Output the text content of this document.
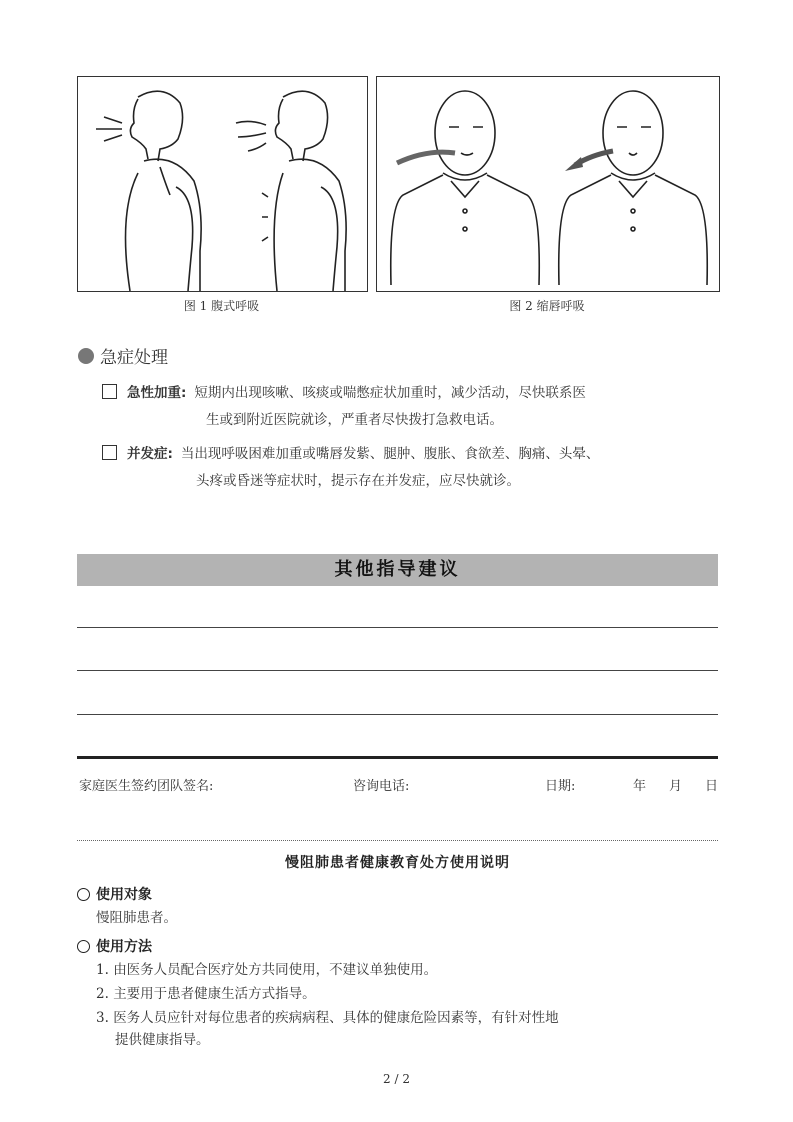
图 1 腹式呼吸	图 2 缩唇呼吸
急症处理
急性加重: 短期内出现咳嗽、咳痰或喘憋症状加重时，减少活动，尽快联系医
生或到附近医院就诊，严重者尽快拨打急救电话。
并发症: 当出现呼吸困难加重或嘴唇发紫、腿肿、腹胀、食欲差、胸痛、头晕、
头疼或昏迷等症状时，提示存在并发症，应尽快就诊。
其他指导建议
家庭医生签约团队签名:	咨询电话:	日期:	年 月 日
慢阻肺患者健康教育处方使用说明
使用对象
慢阻肺患者。
使用方法
1. 由医务人员配合医疗处方共同使用，不建议单独使用。
2. 主要用于患者健康生活方式指导。
3. 医务人员应针对每位患者的疾病病程、具体的健康危险因素等，有针对性地
提供健康指导。
2 / 2
